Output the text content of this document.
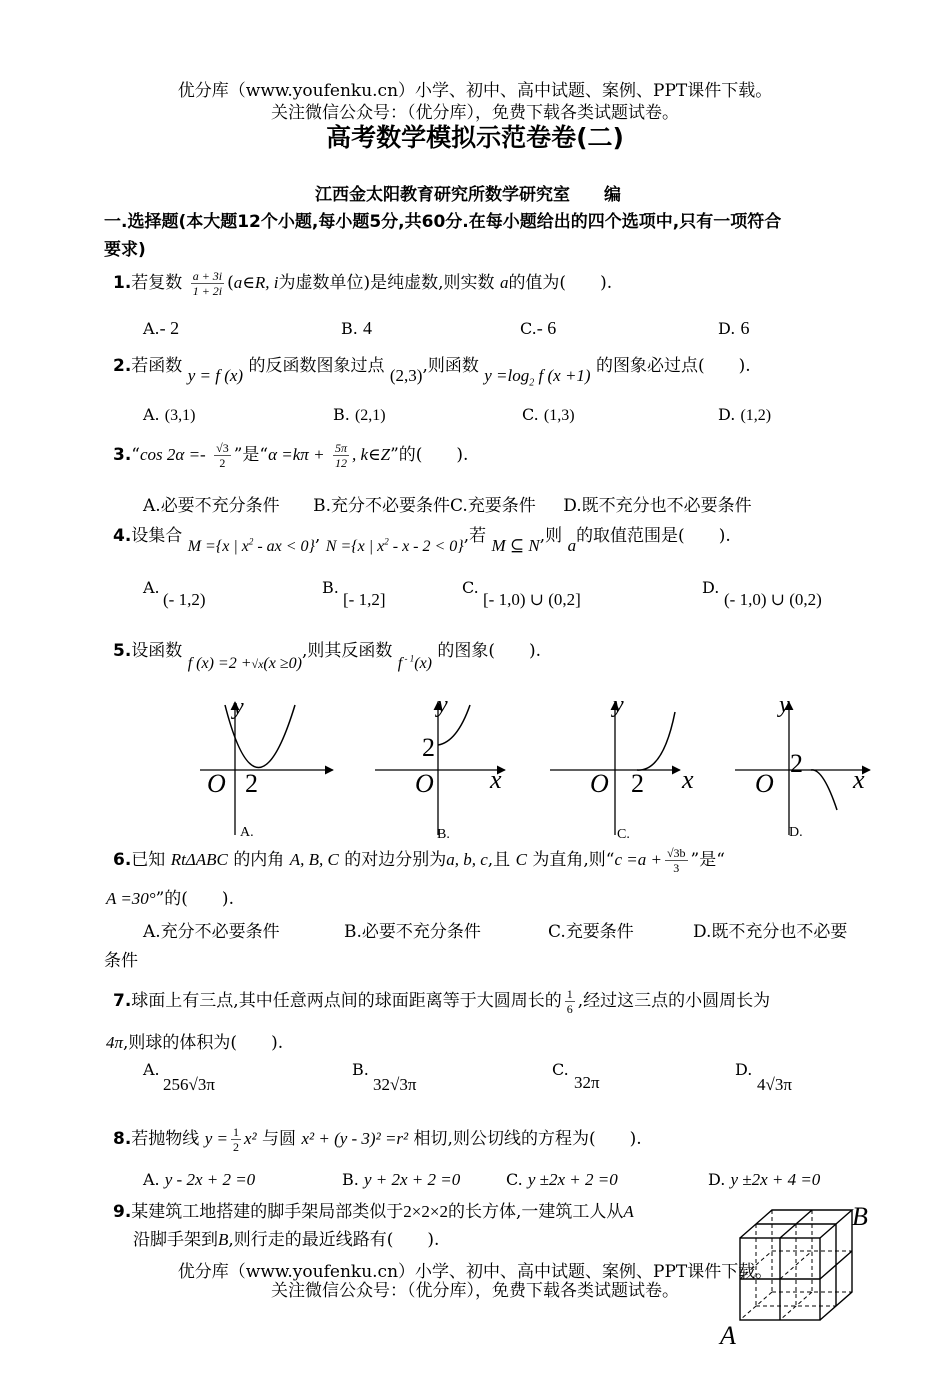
优分库（www.youfenku.cn）小学、初中、高中试题、案例、PPT课件下载。
关注微信公众号：（优分库），免费下载各类试题试卷。
高考数学模拟示范卷卷(二)
江西金太阳教育研究所数学研究室　　编
一.选择题(本大题12个小题,每小题5分,共60分.在每小题给出的四个选项中,只有一项符合
要求)
1.若复数 $\frac{a + 3i}{1 + 2i}$ (a∈R, i为虚数单位)是纯虚数,则实数 a的值为(　　).
A.- 2	B. 4	C.- 6	D. 6
2.若函数 y = f (x) 的反函数图象过点 (2,3),则函数 $y =\log_2$ f (x +1) 的图象必过点(　　).
A. (3,1)	B. (2,1)	C. (1,3)	D. (1,2)
3.“cos $2\alpha =- \frac{√3}{2}$ ”是“$\alpha =k\pi + \frac{5\pi}{12}$ , k∈Z”的(　　).
A.必要不充分条件 B.充分不必要条件C.充要条件 D.既不充分也不必要条件
4.设集合 M ={x | $x^2$ - ax < 0}, N ={x | $x^2 - x - 2 < 0$},若 M ⊆ N,则 a的取值范围是(　　).
A.
(- 1,2)
B.
[- 1,2]
C.
[- 1,0) ∪ (0,2]
D.
(- 1,0) ∪ (0,2)
5.设函数 f (x) =2 +√x(x ≥0),则其反函数 f $^{- 1}$(x) 的图象(　　).
y
O 2
A.
y
2
O x
B.
y
O 2 x
C.
y
2
O	x
D.
6.已知 RtΔABC 的内角 A, B, C 的对边分别为a, b, c,且 C 为直角,则“$c =a + \frac{√3b}{3}$ ”是“
A =30°”的(　　).
A.充分不必要条件	B.必要不充分条件	C.充要条件	D.既不充分也不必要
条件
7.球面上有三点,其中任意两点间的球面距离等于大圆周长的 $\frac{1}{6}$ ,经过这三点的小圆周长为
4π,则球的体积为(　　).
A.
256√3π
B.
32√3π
C.
32π
D.
4√3π
8.若抛物线 $y = \frac{1}{2} x^2$ 与圆 x² + (y - 3)² =r² 相切,则公切线的方程为(　　).
A. y - 2x + 2 =0	B. y + 2x + 2 =0	C. y ±2x + 2 =0	D. y ±2x + 4 =0
9.某建筑工地搭建的脚手架局部类似于2×2×2的长方体,一建筑工人从A
沿脚手架到B,则行走的最近线路有(　　).
B
A
优分库（www.youfenku.cn）小学、初中、高中试题、案例、PPT课件下载。
关注微信公众号：（优分库），免费下载各类试题试卷。
